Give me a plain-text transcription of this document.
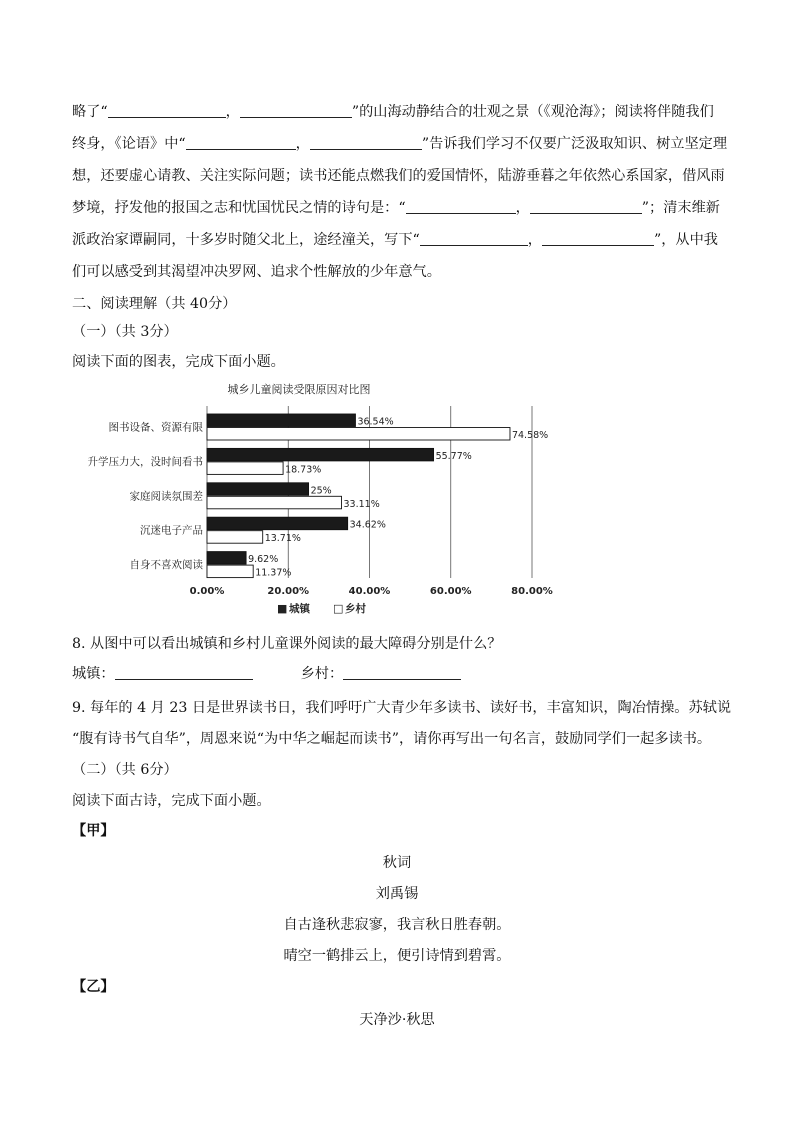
略了“	，	”的山海动静结合的壮观之景（《观沧海》；阅读将伴随我们
终身，《论语》中“	，	”告诉我们学习不仅要广泛汲取知识、树立坚定理
想，还要虚心请教、关注实际问题；读书还能点燃我们的爱国情怀，陆游垂暮之年依然心系国家，借风雨
梦境，抒发他的报国之志和忧国忧民之情的诗句是：“	，	”；清末维新
派政治家谭嗣同，十多岁时随父北上，途经潼关，写下“	，	”，从中我
们可以感受到其渴望冲决罗网、追求个性解放的少年意气。
二、阅读理解（共 40分）
（一）（共 3分）
阅读下面的图表，完成下面小题。
城乡儿童阅读受限原因对比图
0.00%	20.00%	40.00%	60.00%	80.00%
图书设备、资源有限	36.54%
74.58%
升学压力大，没时间看书	55.77%
18.73%
家庭阅读氛围差	25%
33.11%
沉迷电子产品	34.62%
13.71%
自身不喜欢阅读	9.62%
11.37%
■ 城镇 □ 乡村
8. 从图中可以看出城镇和乡村儿童课外阅读的最大障碍分别是什么？
城镇：	乡村：
9. 每年的 4 月 23 日是世界读书日，我们呼吁广大青少年多读书、读好书，丰富知识，陶冶情操。苏轼说
“腹有诗书气自华”，周恩来说“为中华之崛起而读书”，请你再写出一句名言，鼓励同学们一起多读书。
（二）（共 6分）
阅读下面古诗，完成下面小题。
【甲】
秋词
刘禹锡
自古逢秋悲寂寥，我言秋日胜春朝。
晴空一鹤排云上，便引诗情到碧霄。
【乙】
天净沙·秋思
